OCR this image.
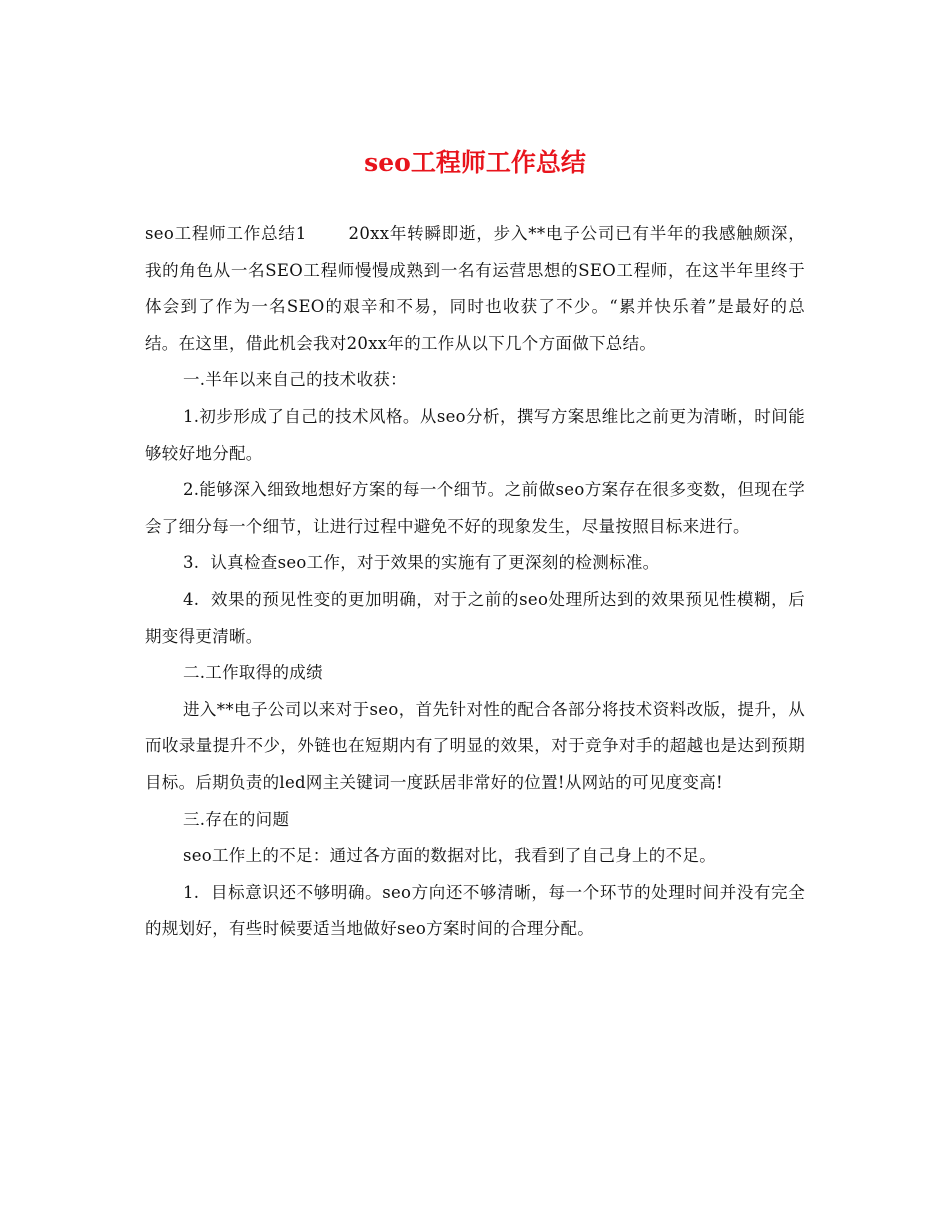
seo工程师工作总结

seo工程师工作总结1	20xx年转瞬即逝，步入**电子公司已有半年的我感触颇深，我的角色从一名SEO工程师慢慢成熟到一名有运营思想的SEO工程师，在这半年里终于体会到了作为一名SEO的艰辛和不易，同时也收获了不少。“累并快乐着”是最好的总结。在这里，借此机会我对20xx年的工作从以下几个方面做下总结。

一.半年以来自己的技术收获：

1.初步形成了自己的技术风格。从seo分析，撰写方案思维比之前更为清晰，时间能够较好地分配。

2.能够深入细致地想好方案的每一个细节。之前做seo方案存在很多变数，但现在学会了细分每一个细节，让进行过程中避免不好的现象发生，尽量按照目标来进行。

3.  认真检查seo工作，对于效果的实施有了更深刻的检测标准。

4.  效果的预见性变的更加明确，对于之前的seo处理所达到的效果预见性模糊，后期变得更清晰。

二.工作取得的成绩

进入**电子公司以来对于seo，首先针对性的配合各部分将技术资料改版，提升，从而收录量提升不少，外链也在短期内有了明显的效果，对于竞争对手的超越也是达到预期目标。后期负责的led网主关键词一度跃居非常好的位置!从网站的可见度变高!

三.存在的问题

seo工作上的不足：通过各方面的数据对比，我看到了自己身上的不足。

1.  目标意识还不够明确。seo方向还不够清晰，每一个环节的处理时间并没有完全的规划好，有些时候要适当地做好seo方案时间的合理分配。
